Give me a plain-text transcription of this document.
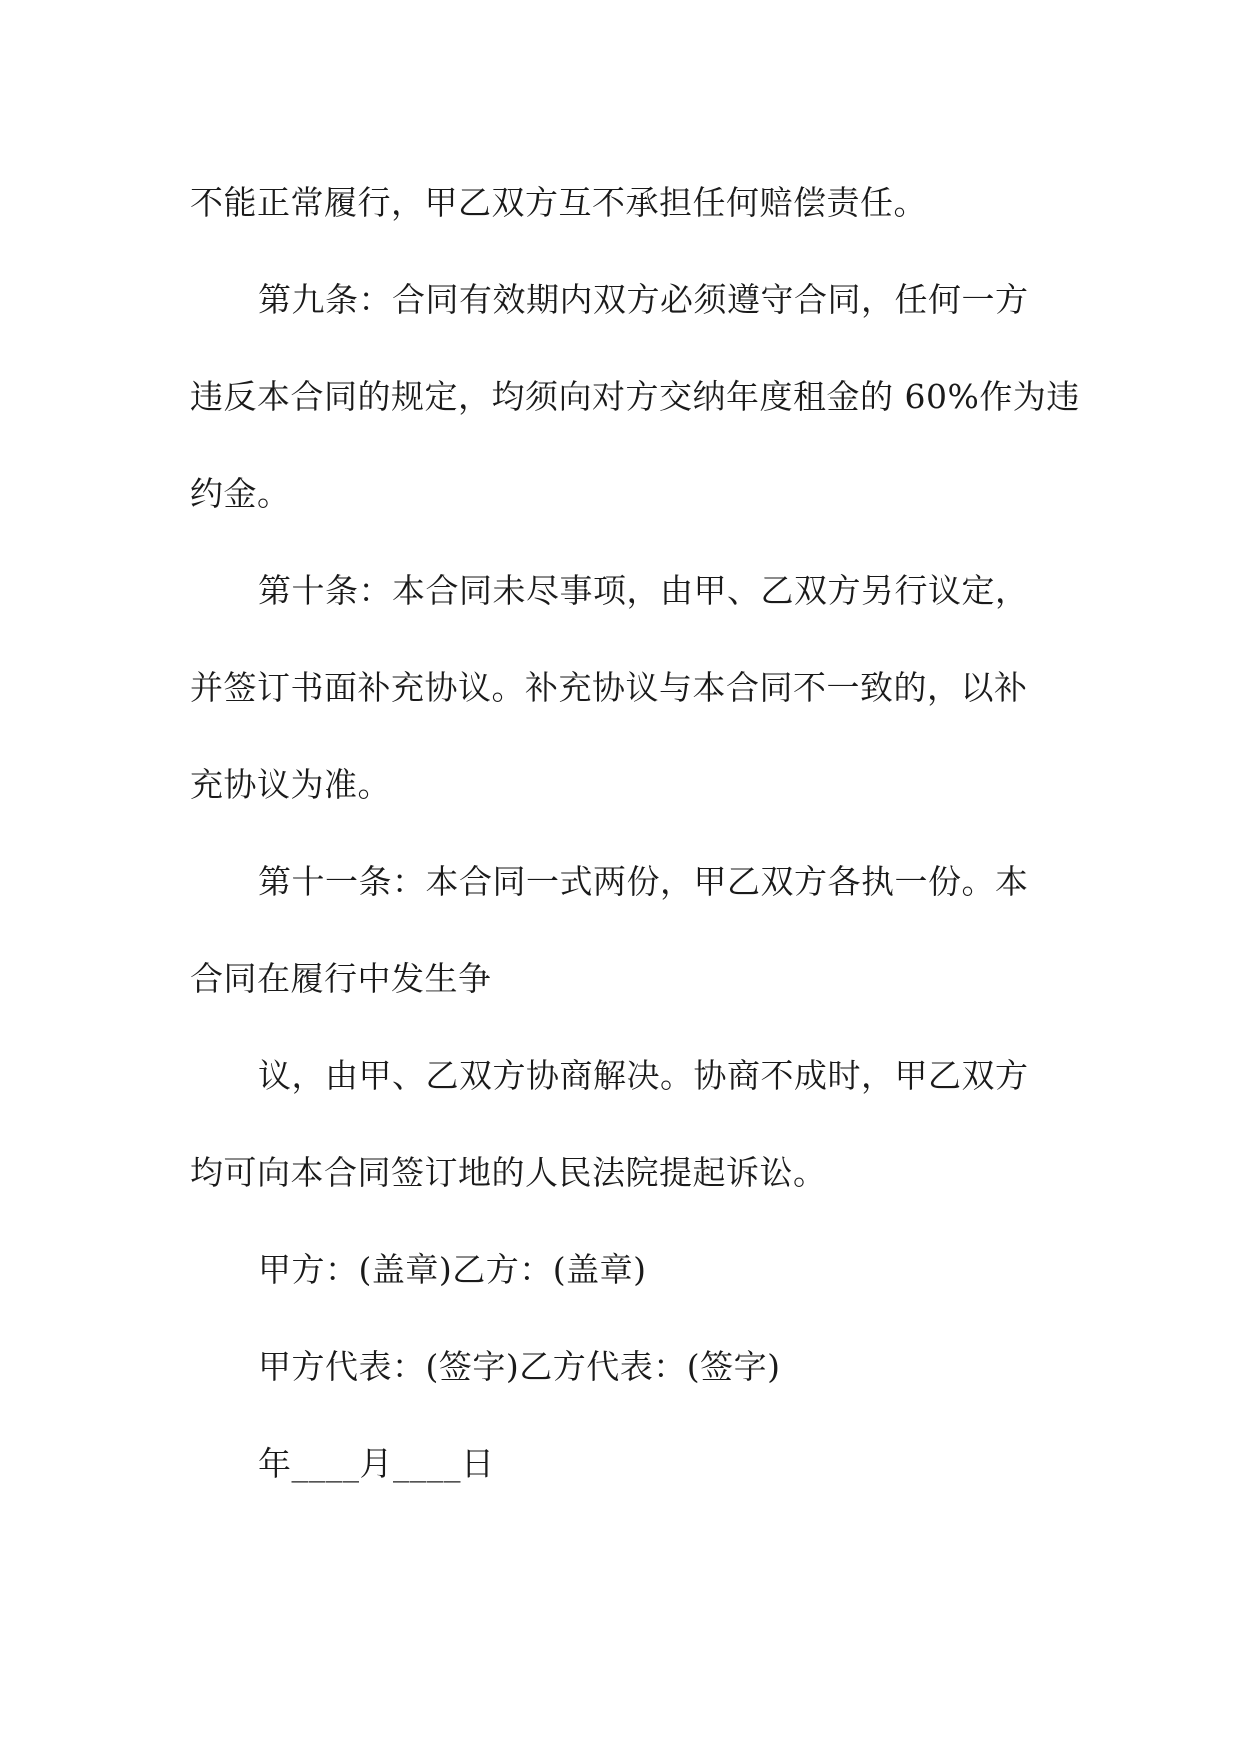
不能正常履行，甲乙双方互不承担任何赔偿责任。
第九条：合同有效期内双方必须遵守合同，任何一方
违反本合同的规定，均须向对方交纳年度租金的 60%作为违
约金。
第十条：本合同未尽事项，由甲、乙双方另行议定，
并签订书面补充协议。补充协议与本合同不一致的，以补
充协议为准。
第十一条：本合同一式两份，甲乙双方各执一份。本
合同在履行中发生争
议，由甲、乙双方协商解决。协商不成时，甲乙双方
均可向本合同签订地的人民法院提起诉讼。
甲方：(盖章)乙方：(盖章)
甲方代表：(签字)乙方代表：(签字)
年____月____日
